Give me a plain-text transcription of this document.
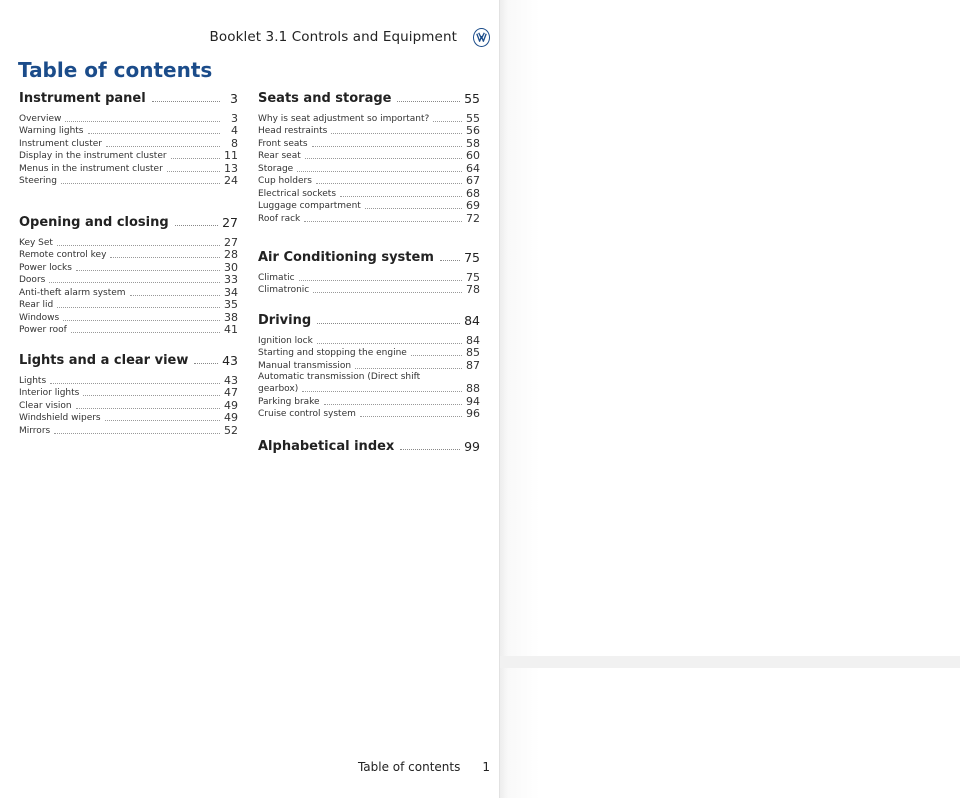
Booklet 3.1 Controls and Equipment
Table of contents
Instrument panel	3
Overview	3
Warning lights	4
Instrument cluster	8
Display in the instrument cluster	11
Menus in the instrument cluster	13
Steering	24
Opening and closing	27
Key Set	27
Remote control key	28
Power locks	30
Doors	33
Anti-theft alarm system	34
Rear lid	35
Windows	38
Power roof	41
Lights and a clear view	43
Lights	43
Interior lights	47
Clear vision	49
Windshield wipers	49
Mirrors	52
Seats and storage	55
Why is seat adjustment so important?	55
Head restraints	56
Front seats	58
Rear seat	60
Storage	64
Cup holders	67
Electrical sockets	68
Luggage compartment	69
Roof rack	72
Air Conditioning system 75
Climatic	75
Climatronic	78
Driving	84
Ignition lock	84
Starting and stopping the engine	85
Manual transmission	87
Automatic transmission (Direct shift
gearbox)	88
Parking brake	94
Cruise control system	96
Alphabetical index	99
Table of contents 1
